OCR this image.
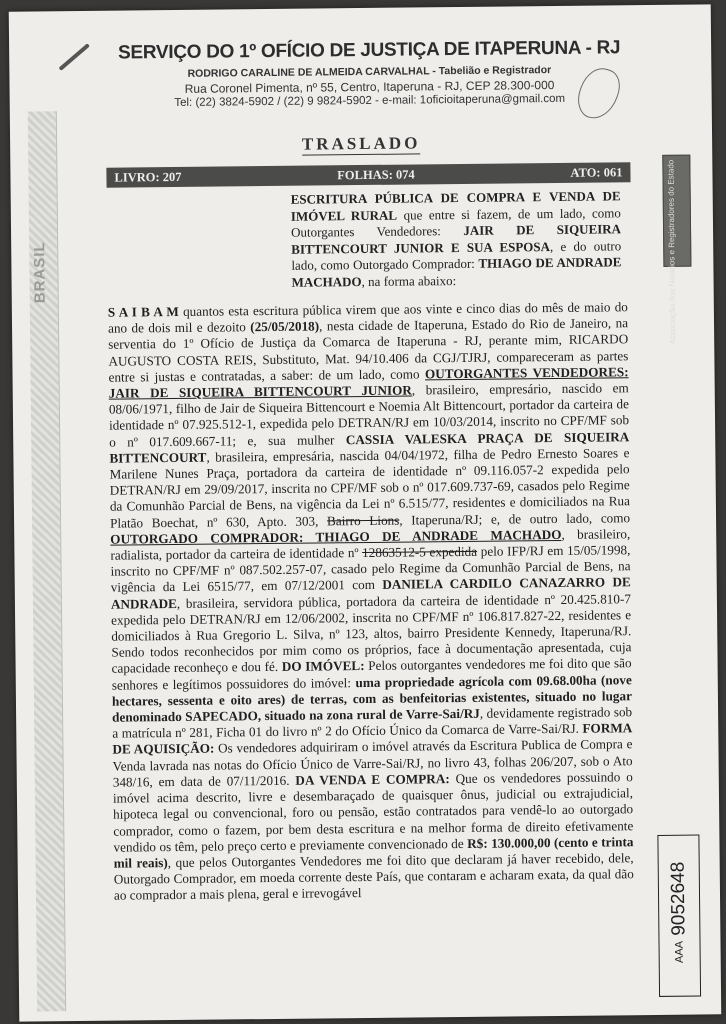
BRASIL	Associação dos Notários e Registradores do Estado
SERVIÇO DO 1º OFÍCIO DE JUSTIÇA DE ITAPERUNA - RJ
RODRIGO CARALINE DE ALMEIDA CARVALHAL - Tabelião e Registrador
Rua Coronel Pimenta, nº 55, Centro, Itaperuna - RJ, CEP 28.300-000
Tel: (22) 3824-5902 / (22) 9 9824-5902 - e-mail: 1oficioitaperuna@gmail.com
TRASLADO
LIVRO: 207	FOLHAS: 074	ATO: 061
ESCRITURA PÚBLICA DE COMPRA E VENDA DE IMÓVEL RURAL que entre si fazem, de um lado, como Outorgantes Vendedores: JAIR DE SIQUEIRA BITTENCOURT JUNIOR E SUA ESPOSA, e do outro lado, como Outorgado Comprador: THIAGO DE ANDRADE MACHADO, na forma abaixo:

S A I B A M quantos esta escritura pública virem que aos vinte e cinco dias do mês de maio do ano de dois mil e dezoito (25/05/2018), nesta cidade de Itaperuna, Estado do Rio de Janeiro, na serventia do 1º Ofício de Justiça da Comarca de Itaperuna - RJ, perante mim, RICARDO AUGUSTO COSTA REIS, Substituto, Mat. 94/10.406 da CGJ/TJRJ, compareceram as partes entre si justas e contratadas, a saber: de um lado, como OUTORGANTES VENDEDORES: JAIR DE SIQUEIRA BITTENCOURT JUNIOR, brasileiro, empresário, nascido em 08/06/1971, filho de Jair de Siqueira Bittencourt e Noemia Alt Bittencourt, portador da carteira de identidade nº 07.925.512-1, expedida pelo DETRAN/RJ em 10/03/2014, inscrito no CPF/MF sob o nº 017.609.667-11; e, sua mulher CASSIA VALESKA PRAÇA DE SIQUEIRA BITTENCOURT, brasileira, empresária, nascida 04/04/1972, filha de Pedro Ernesto Soares e Marilene Nunes Praça, portadora da carteira de identidade nº 09.116.057-2 expedida pelo DETRAN/RJ em 29/09/2017, inscrita no CPF/MF sob o nº 017.609.737-69, casados pelo Regime da Comunhão Parcial de Bens, na vigência da Lei nº 6.515/77, residentes e domiciliados na Rua Platão Boechat, nº 630, Apto. 303, Bairro Lions, Itaperuna/RJ; e, de outro lado, como OUTORGADO COMPRADOR: THIAGO DE ANDRADE MACHADO, brasileiro, radialista, portador da carteira de identidade nº 12863512-5 expedida pelo IFP/RJ em 15/05/1998, inscrito no CPF/MF nº 087.502.257-07, casado pelo Regime da Comunhão Parcial de Bens, na vigência da Lei 6515/77, em 07/12/2001 com DANIELA CARDILO CANAZARRO DE ANDRADE, brasileira, servidora pública, portadora da carteira de identidade nº 20.425.810-7 expedida pelo DETRAN/RJ em 12/06/2002, inscrita no CPF/MF nº 106.817.827-22, residentes e domiciliados à Rua Gregorio L. Silva, nº 123, altos, bairro Presidente Kennedy, Itaperuna/RJ. Sendo todos reconhecidos por mim como os próprios, face à documentação apresentada, cuja capacidade reconheço e dou fé. DO IMÓVEL: Pelos outorgantes vendedores me foi dito que são senhores e legítimos possuidores do imóvel: uma propriedade agrícola com 09.68.00ha (nove hectares, sessenta e oito ares) de terras, com as benfeitorias existentes, situado no lugar denominado SAPECADO, situado na zona rural de Varre-Sai/RJ, devidamente registrado sob a matrícula nº 281, Ficha 01 do livro nº 2 do Ofício Único da Comarca de Varre-Sai/RJ. FORMA DE AQUISIÇÃO: Os vendedores adquiriram o imóvel através da Escritura Publica de Compra e Venda lavrada nas notas do Ofício Único de Varre-Sai/RJ, no livro 43, folhas 206/207, sob o Ato 348/16, em data de 07/11/2016. DA VENDA E COMPRA: Que os vendedores possuindo o imóvel acima descrito, livre e desembaraçado de quaisquer ônus, judicial ou extrajudicial, hipoteca legal ou convencional, foro ou pensão, estão contratados para vendê-lo ao outorgado comprador, como o fazem, por bem desta escritura e na melhor forma de direito efetivamente vendido os têm, pelo preço certo e previamente convencionado de R$: 130.000,00 (cento e trinta mil reais), que pelos Outorgantes Vendedores me foi dito que declaram já haver recebido, dele, Outorgado Comprador, em moeda corrente deste País, que contaram e acharam exata, da qual dão ao comprador a mais plena, geral e irrevogável

AAA 9052648
